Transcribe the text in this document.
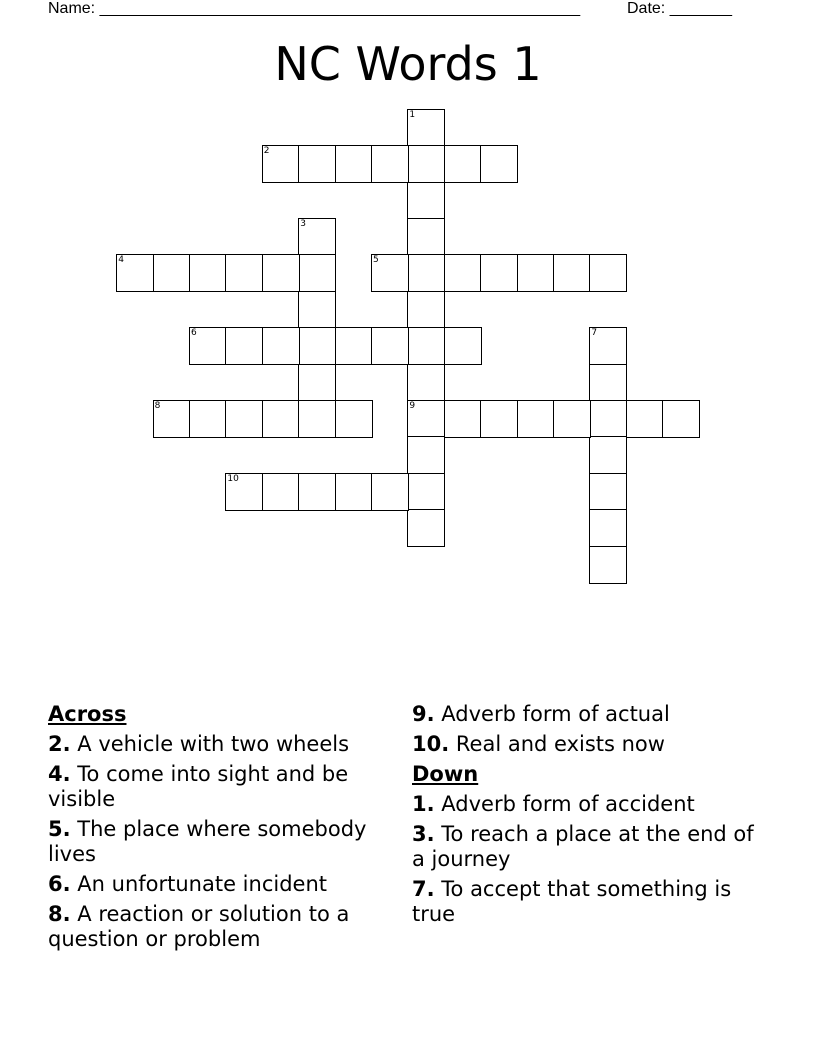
Name: ______________________________________________________	Date: _______
NC Words 1
1
9
2
3
4	5
6	7
8
10
Across
2. A vehicle with two wheels
4. To come into sight and be visible
5. The place where somebody lives
6. An unfortunate incident
8. A reaction or solution to a question or problem
9. Adverb form of actual
10. Real and exists now
Down
1. Adverb form of accident
3. To reach a place at the end of a journey
7. To accept that something is true
